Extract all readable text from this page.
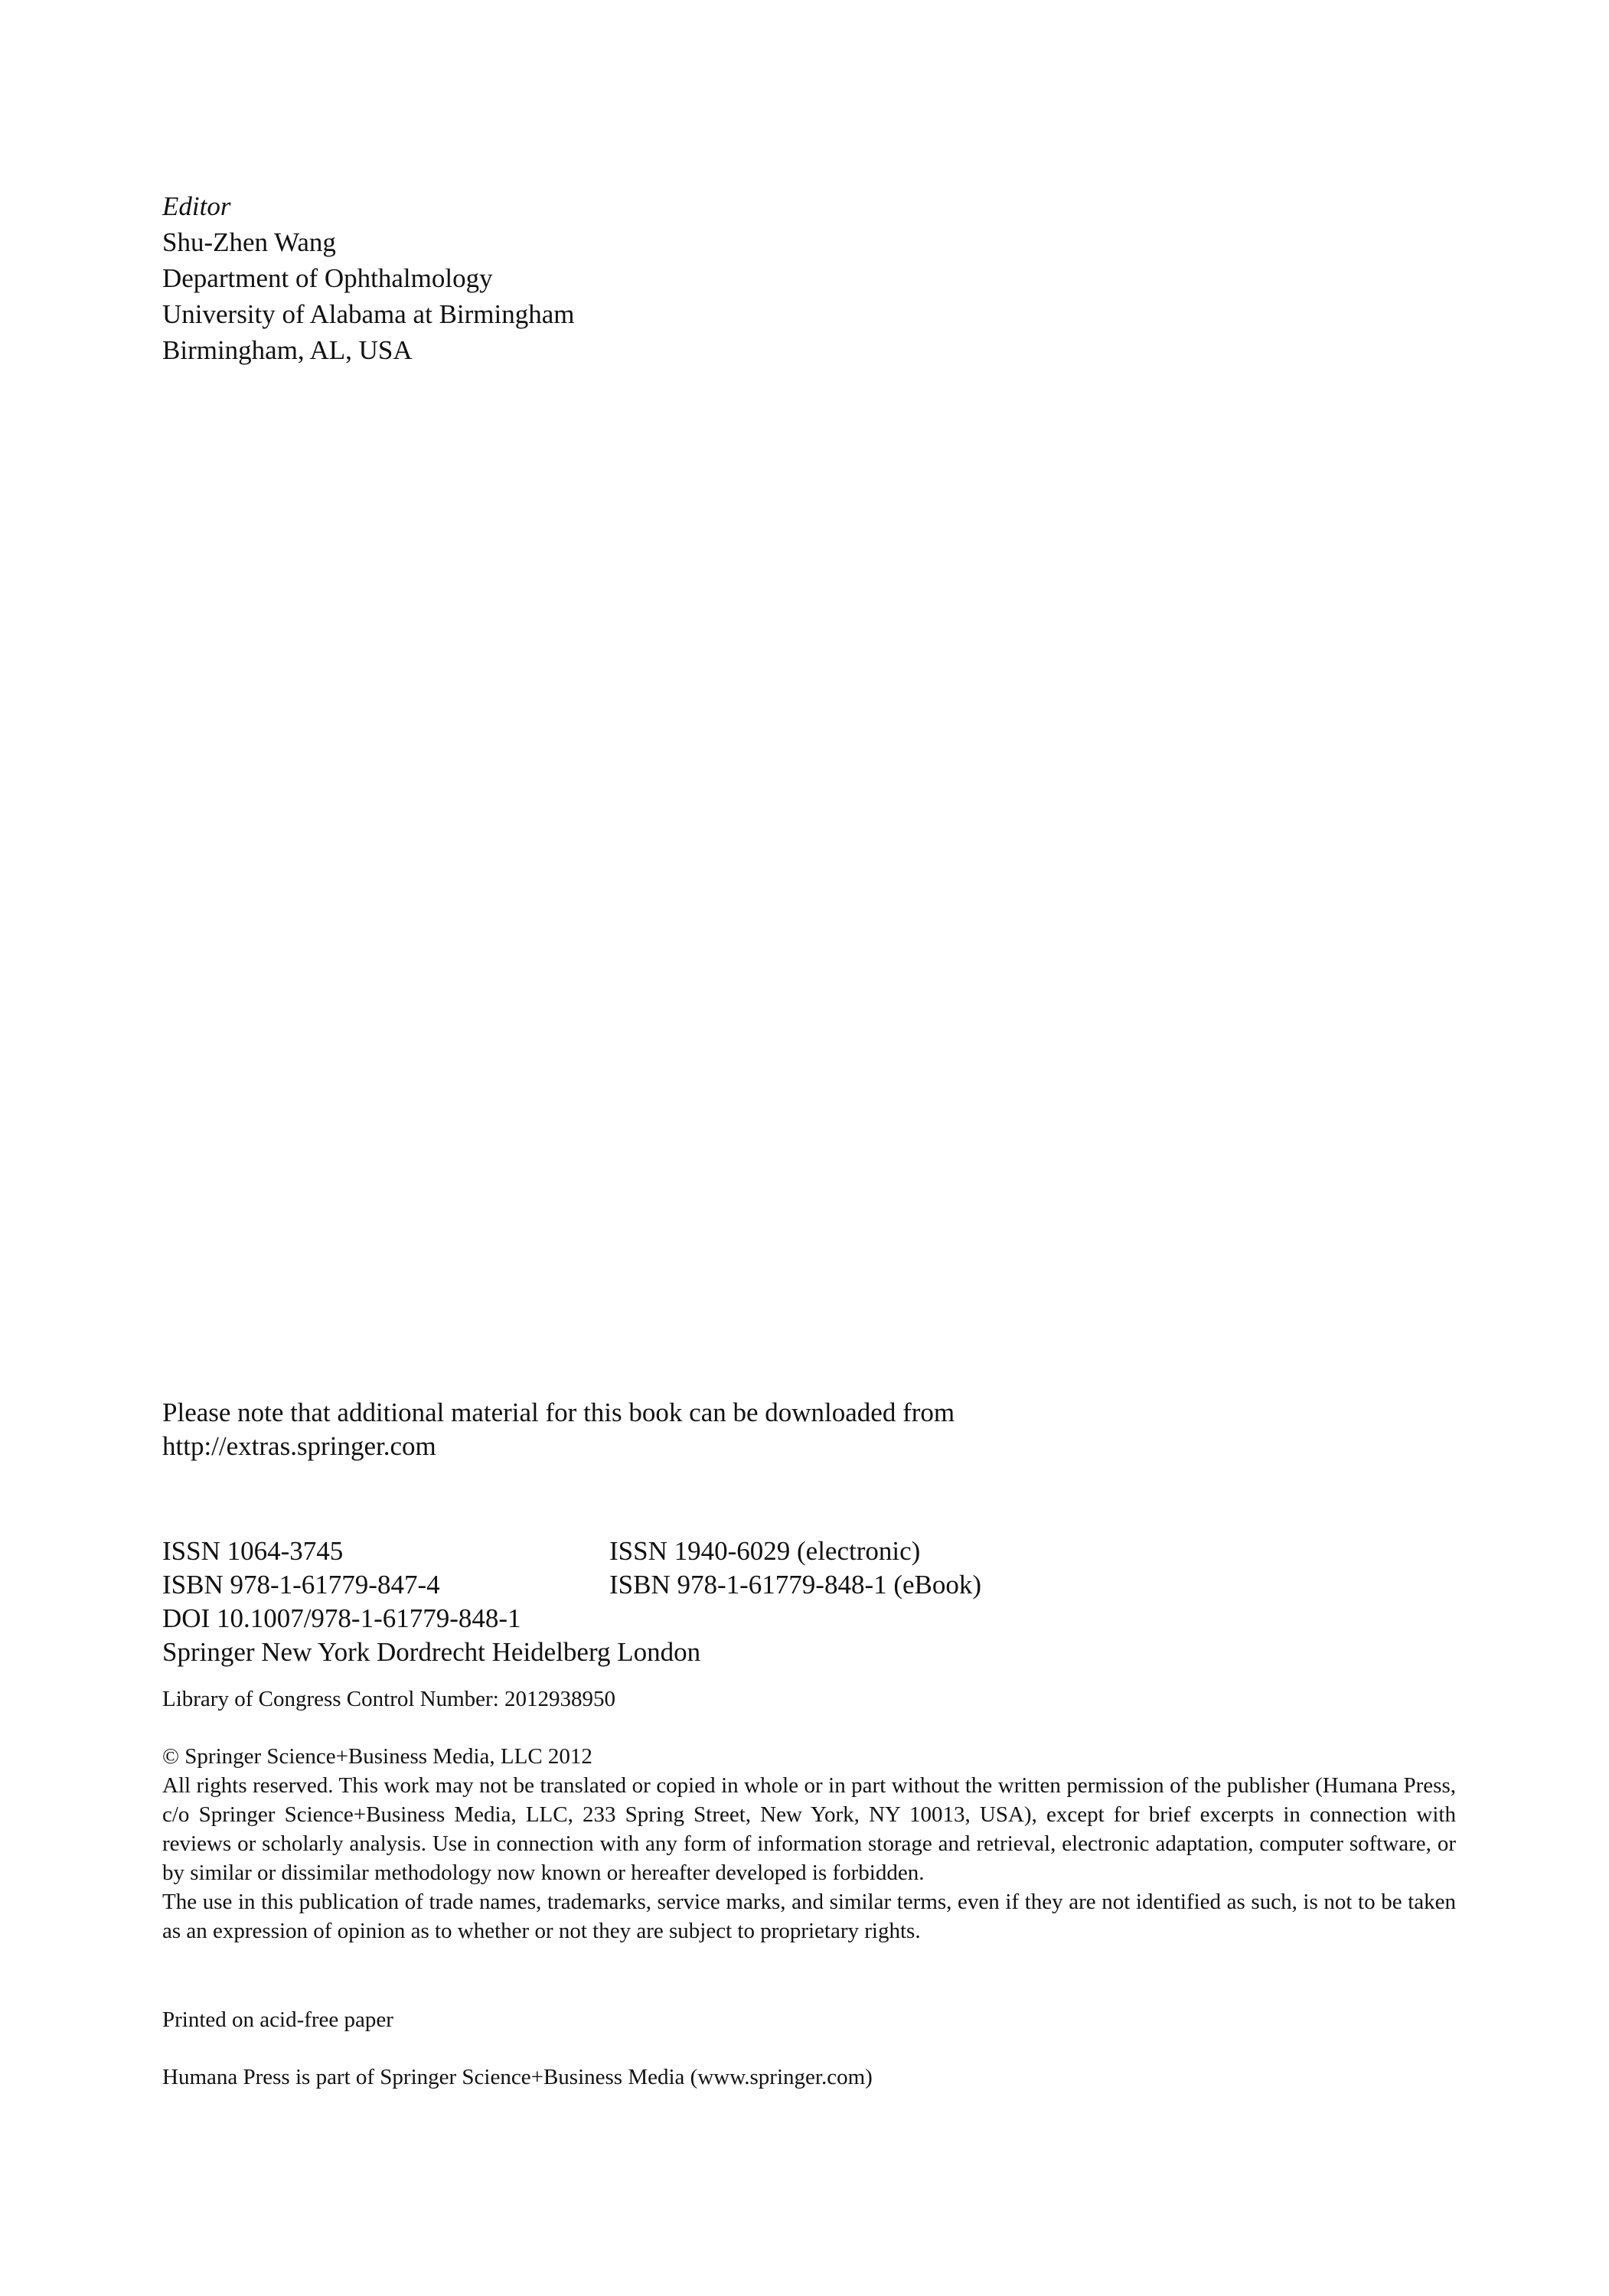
Editor
Shu-Zhen Wang
Department of Ophthalmology
University of Alabama at Birmingham
Birmingham, AL, USA
Please note that additional material for this book can be downloaded from
http://extras.springer.com
ISSN 1064-3745	ISSN 1940-6029 (electronic)
ISBN 978-1-61779-847-4	ISBN 978-1-61779-848-1 (eBook)
DOI 10.1007/978-1-61779-848-1
Springer New York Dordrecht Heidelberg London
Library of Congress Control Number: 2012938950

© Springer Science+Business Media, LLC 2012

All rights reserved. This work may not be translated or copied in whole or in part without the written permission of the publisher (Humana Press, c/o Springer Science+Business Media, LLC, 233 Spring Street, New York, NY 10013, USA), except for brief excerpts in connection with reviews or scholarly analysis. Use in connection with any form of information storage and retrieval, electronic adaptation, computer software, or by similar or dissimilar methodology now known or hereafter developed is forbidden.

The use in this publication of trade names, trademarks, service marks, and similar terms, even if they are not identified as such, is not to be taken as an expression of opinion as to whether or not they are subject to proprietary rights.

Printed on acid-free paper
Humana Press is part of Springer Science+Business Media (www.springer.com)
